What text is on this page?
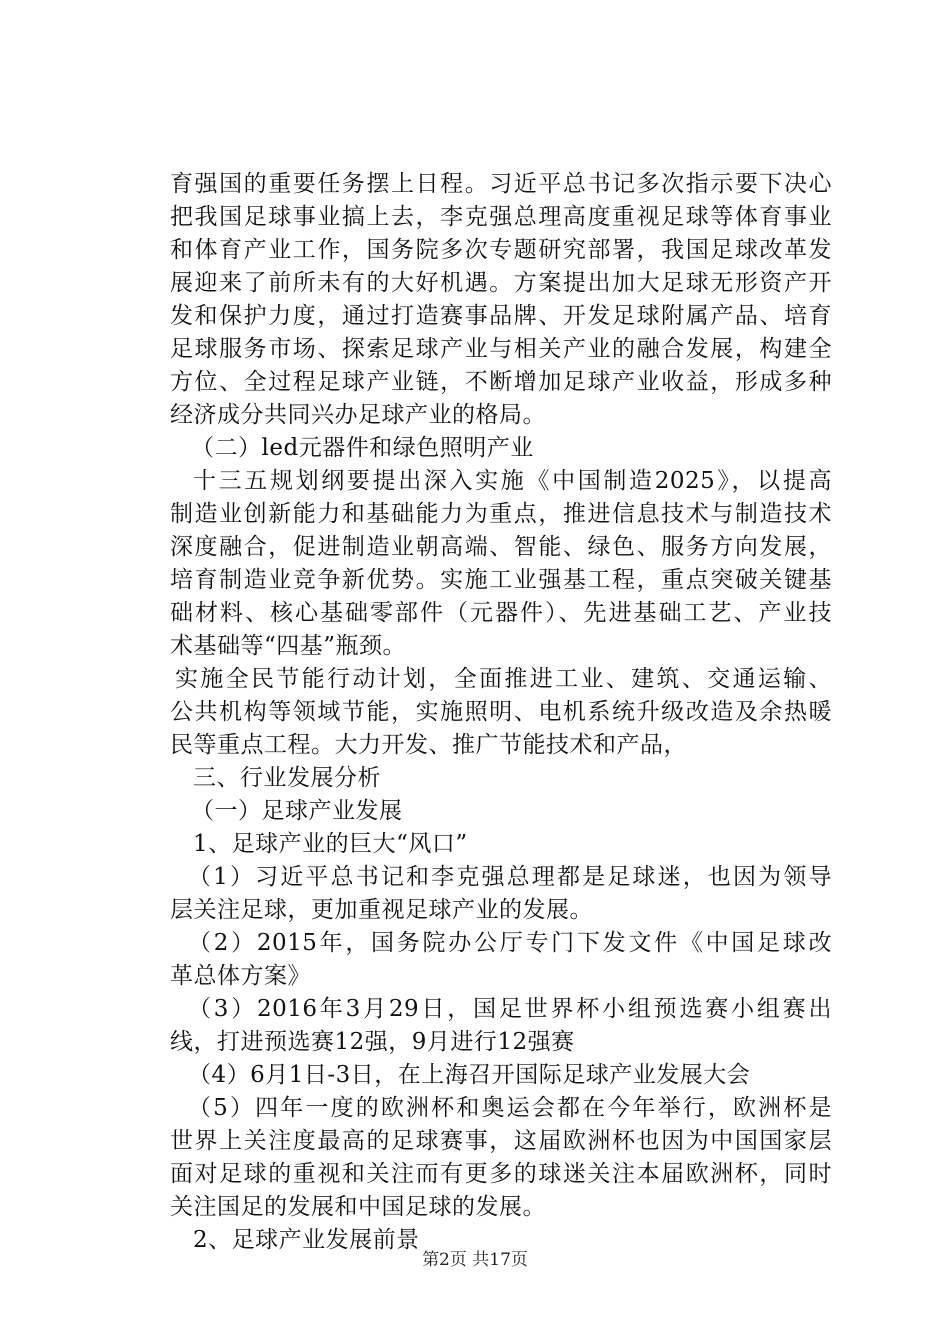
育强国的重要任务摆上日程。习近平总书记多次指示要下决心
把我国足球事业搞上去，李克强总理高度重视足球等体育事业
和体育产业工作，国务院多次专题研究部署，我国足球改革发
展迎来了前所未有的大好机遇。方案提出加大足球无形资产开
发和保护力度，通过打造赛事品牌、开发足球附属产品、培育
足球服务市场、探索足球产业与相关产业的融合发展，构建全
方位、全过程足球产业链，不断增加足球产业收益，形成多种
经济成分共同兴办足球产业的格局。
（二）led元器件和绿色照明产业
十三五规划纲要提出深入实施《中国制造2025》，以提高
制造业创新能力和基础能力为重点，推进信息技术与制造技术
深度融合，促进制造业朝高端、智能、绿色、服务方向发展，
培育制造业竞争新优势。实施工业强基工程，重点突破关键基
础材料、核心基础零部件（元器件）、先进基础工艺、产业技
术基础等“四基”瓶颈。
实施全民节能行动计划，全面推进工业、建筑、交通运输、
公共机构等领域节能，实施照明、电机系统升级改造及余热暖
民等重点工程。大力开发、推广节能技术和产品，
三、行业发展分析
（一）足球产业发展
1、足球产业的巨大“风口”
（1）习近平总书记和李克强总理都是足球迷，也因为领导
层关注足球，更加重视足球产业的发展。
（2）2015年，国务院办公厅专门下发文件《中国足球改
革总体方案》
（3）2016年3月29日，国足世界杯小组预选赛小组赛出
线，打进预选赛12强，9月进行12强赛
（4）6月1日-3日，在上海召开国际足球产业发展大会
（5）四年一度的欧洲杯和奥运会都在今年举行，欧洲杯是
世界上关注度最高的足球赛事，这届欧洲杯也因为中国国家层
面对足球的重视和关注而有更多的球迷关注本届欧洲杯，同时
关注国足的发展和中国足球的发展。
2、足球产业发展前景
第2页 共17页
